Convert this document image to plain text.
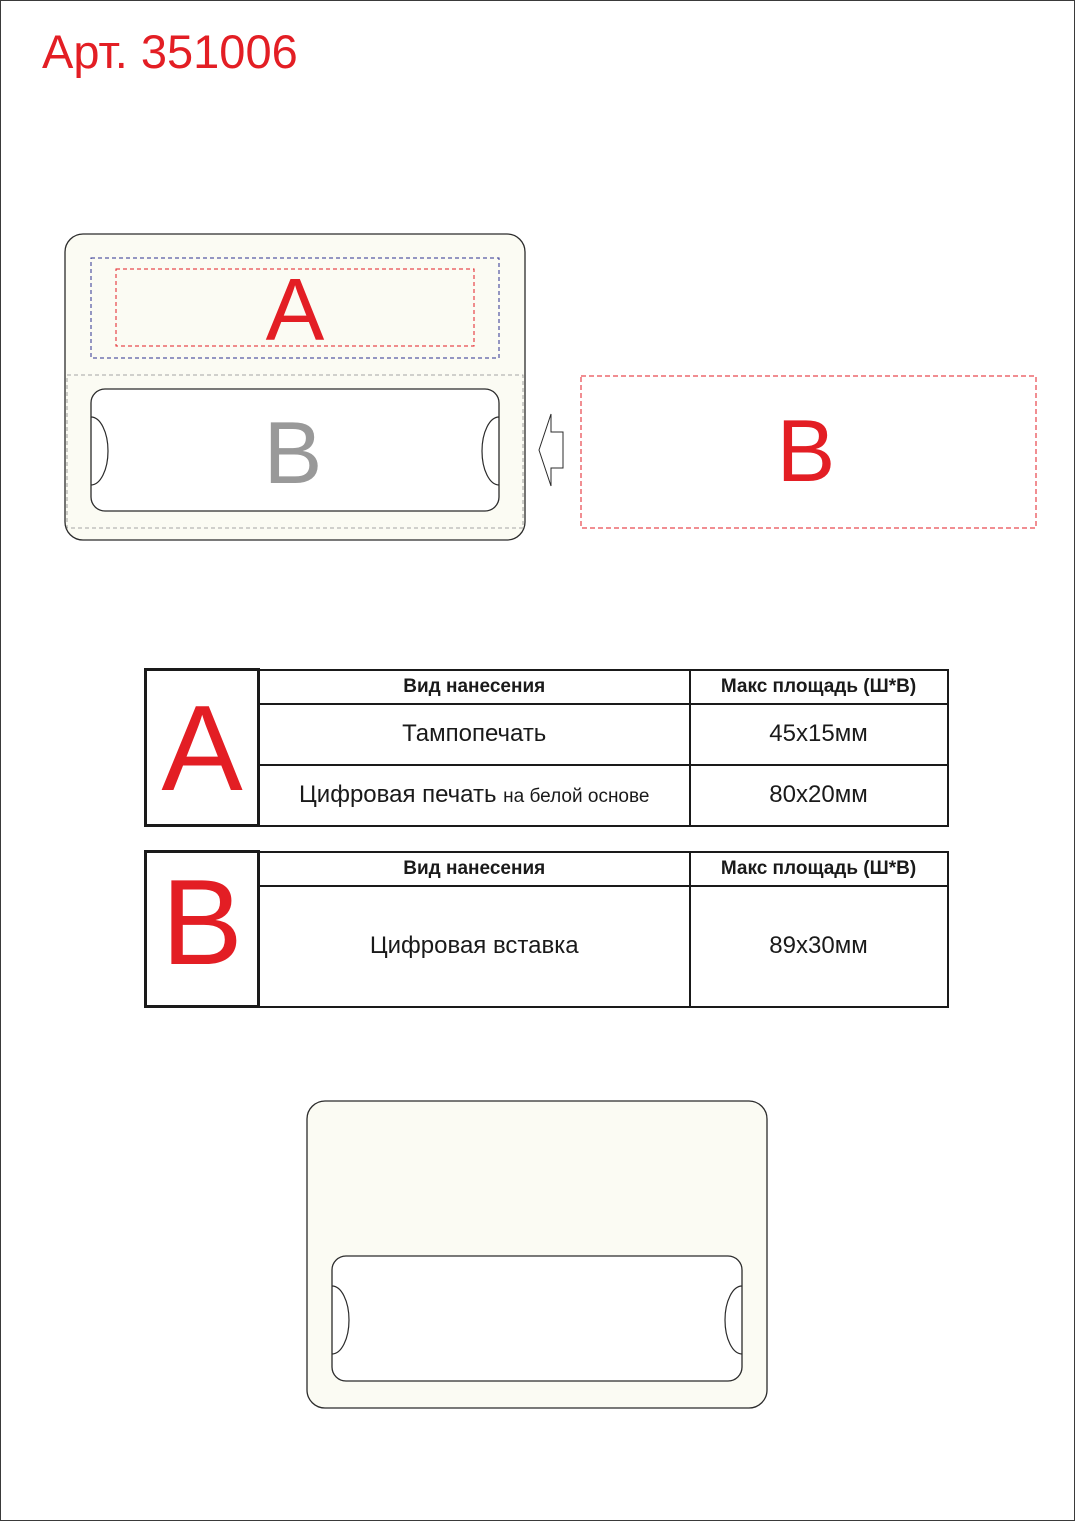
Арт. 351006
A
B	B
A	Вид нанесения	Макс площадь (Ш*В)
	Тампопечать	45x15мм
	Цифровая печать на белой основе	80x20мм
B	Вид нанесения	Макс площадь (Ш*В)
	Цифровая вставка	89x30мм
